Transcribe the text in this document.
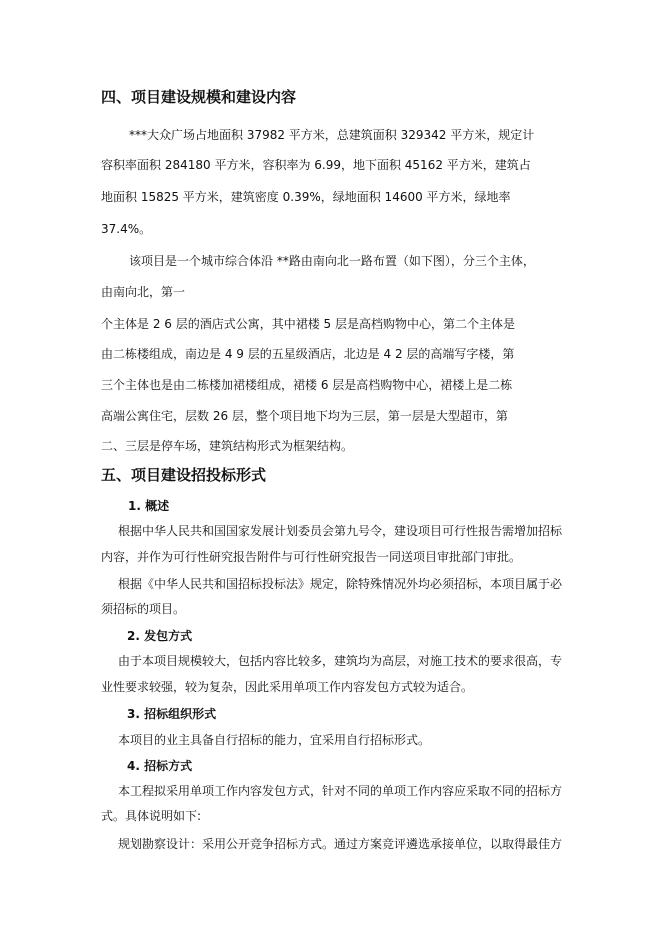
四、项目建设规模和建设内容
***大众广场占地面积 37982 平方米，总建筑面积 329342 平方米，规定计
容积率面积 284180 平方米，容积率为 6.99，地下面积 45162 平方米，建筑占
地面积 15825 平方米，建筑密度 0.39%，绿地面积 14600 平方米，绿地率
37.4%。
该项目是一个城市综合体沿 **路由南向北一路布置（如下图），分三个主体，
由南向北，第一
个主体是 2 6 层的酒店式公寓，其中裙楼 5 层是高档购物中心，第二个主体是
由二栋楼组成，南边是 4 9 层的五星级酒店，北边是 4 2 层的高端写字楼，第
三个主体也是由二栋楼加裙楼组成，裙楼 6 层是高档购物中心，裙楼上是二栋
高端公寓住宅，层数 26 层，整个项目地下均为三层，第一层是大型超市，第
二、三层是停车场，建筑结构形式为框架结构。
五、项目建设招投标形式
1. 概述
根据中华人民共和国国家发展计划委员会第九号令，建设项目可行性报告需增加招标
内容，并作为可行性研究报告附件与可行性研究报告一同送项目审批部门审批。
根据《中华人民共和国招标投标法》规定，除特殊情况外均必须招标，本项目属于必
须招标的项目。
2. 发包方式
由于本项目规模较大，包括内容比较多，建筑均为高层，对施工技术的要求很高，专
业性要求较强，较为复杂，因此采用单项工作内容发包方式较为适合。
3. 招标组织形式
本项目的业主具备自行招标的能力，宜采用自行招标形式。
4. 招标方式
本工程拟采用单项工作内容发包方式，针对不同的单项工作内容应采取不同的招标方
式。具体说明如下:
规划勘察设计：采用公开竞争招标方式。通过方案竞评遴选承接单位，以取得最佳方
